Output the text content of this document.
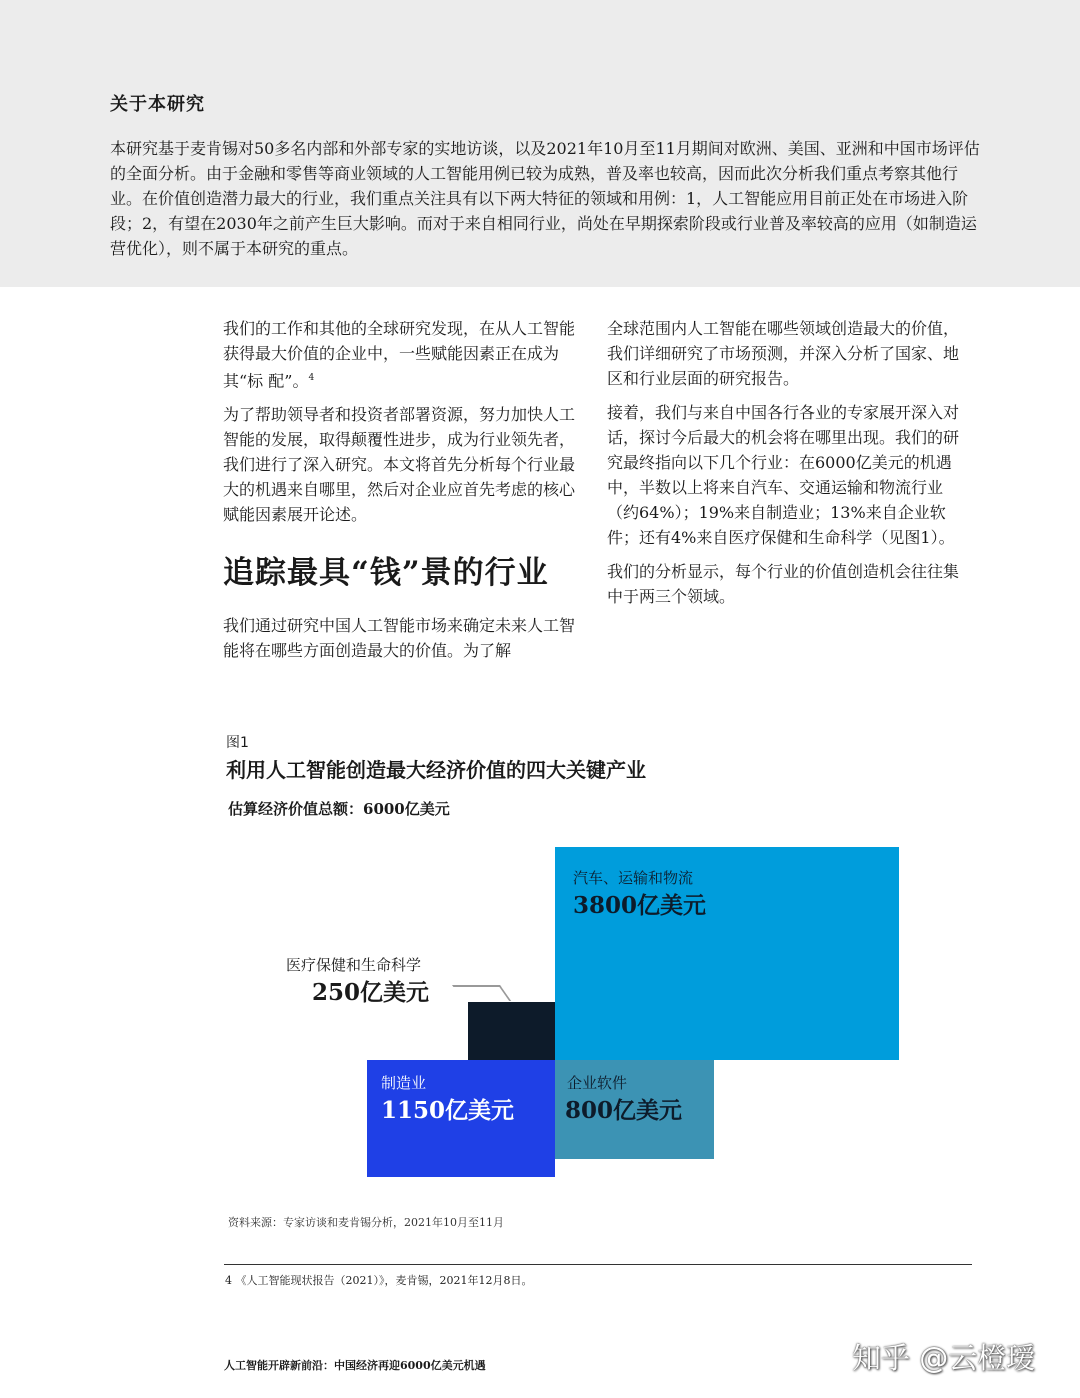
关于本研究

本研究基于麦肯锡对50多名内部和外部专家的实地访谈，以及2021年10月至11月期间对欧洲、美国、亚洲和中国市场评估的全面分析。由于金融和零售等商业领域的人工智能用例已较为成熟，普及率也较高，因而此次分析我们重点考察其他行业。在价值创造潜力最大的行业，我们重点关注具有以下两大特征的领域和用例：1，人工智能应用目前正处在市场进入阶段；2，有望在2030年之前产生巨大影响。而对于来自相同行业，尚处在早期探索阶段或行业普及率较高的应用（如制造运营优化），则不属于本研究的重点。

我们的工作和其他的全球研究发现，在从人工智能获得最大价值的企业中，一些赋能因素正在成为其“标 配”。$^4$

为了帮助领导者和投资者部署资源，努力加快人工智能的发展，取得颠覆性进步，成为行业领先者，我们进行了深入研究。本文将首先分析每个行业最大的机遇来自哪里，然后对企业应首先考虑的核心赋能因素展开论述。

追踪最具“钱”景的行业

我们通过研究中国人工智能市场来确定未来人工智能将在哪些方面创造最大的价值。为了解

全球范围内人工智能在哪些领域创造最大的价值，我们详细研究了市场预测，并深入分析了国家、地区和行业层面的研究报告。

接着，我们与来自中国各行各业的专家展开深入对话，探讨今后最大的机会将在哪里出现。我们的研究最终指向以下几个行业：在6000亿美元的机遇中，半数以上将来自汽车、交通运输和物流行业（约64%）；19%来自制造业；13%来自企业软件；还有4%来自医疗保健和生命科学（见图1）。

我们的分析显示，每个行业的价值创造机会往往集中于两三个领域。

图1
利用人工智能创造最大经济价值的四大关键产业
估算经济价值总额：6000亿美元
汽车、运输和物流
3800亿美元
医疗保健和生命科学
250亿美元
制造业
1150亿美元
企业软件
800亿美元
资料来源：专家访谈和麦肯锡分析，2021年10月至11月
4 《人工智能现状报告（2021）》，麦肯锡，2021年12月8日。
人工智能开辟新前沿：中国经济再迎6000亿美元机遇	知乎 @云橙瑷
